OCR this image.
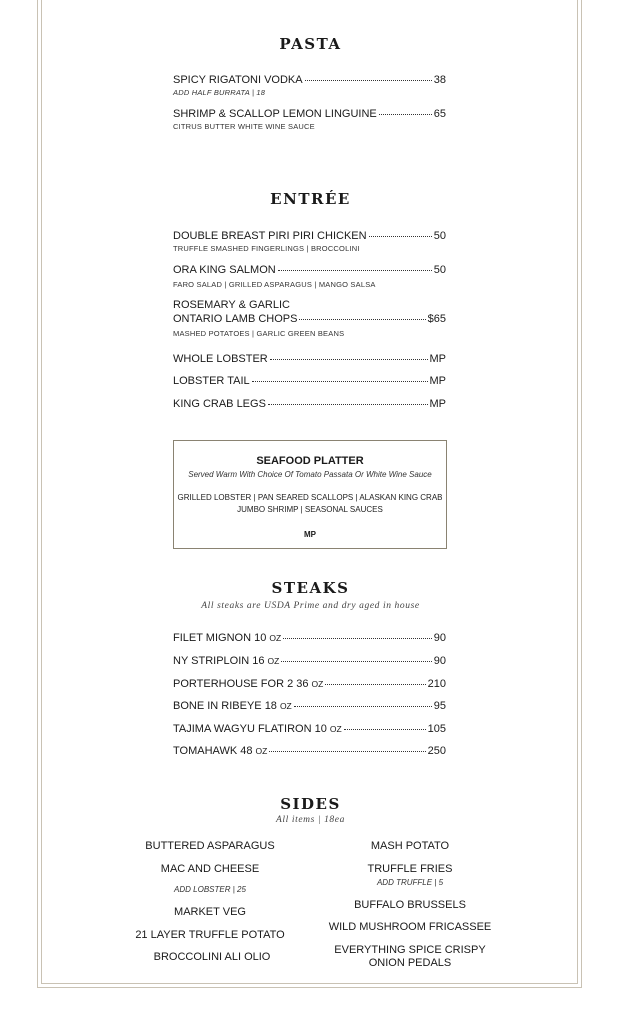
PASTA
SPICY RIGATONI VODKA	38
ADD HALF BURRATA | 18
SHRIMP & SCALLOP LEMON LINGUINE	65
CITRUS BUTTER WHITE WINE SAUCE
ENTRÉE
DOUBLE BREAST PIRI PIRI CHICKEN	50
TRUFFLE SMASHED FINGERLINGS | BROCCOLINI
ORA KING SALMON	50
FARO SALAD | GRILLED ASPARAGUS | MANGO SALSA
ROSEMARY & GARLIC
ONTARIO LAMB CHOPS	$65
MASHED POTATOES | GARLIC GREEN BEANS
WHOLE LOBSTER	MP
LOBSTER TAIL	MP
KING CRAB LEGS	MP
SEAFOOD PLATTER
Served Warm With Choice Of Tomato Passata Or White Wine Sauce
GRILLED LOBSTER | PAN SEARED SCALLOPS | ALASKAN KING CRAB
JUMBO SHRIMP | SEASONAL SAUCES
MP
STEAKS
All steaks are USDA Prime and dry aged in house
FILET MIGNON 10 OZ	90
NY STRIPLOIN 16 OZ	90
PORTERHOUSE FOR 2 36 OZ	210
BONE IN RIBEYE 18 OZ	95
TAJIMA WAGYU FLATIRON 10 OZ	105
TOMAHAWK 48 OZ	250
SIDES
All items | 18ea
BUTTERED ASPARAGUS
MAC AND CHEESE
ADD LOBSTER | 25
MARKET VEG
21 LAYER TRUFFLE POTATO
BROCCOLINI ALI OLIO
MASH POTATO
TRUFFLE FRIES
ADD TRUFFLE | 5
BUFFALO BRUSSELS
WILD MUSHROOM FRICASSEE
EVERYTHING SPICE CRISPY
ONION PEDALS
